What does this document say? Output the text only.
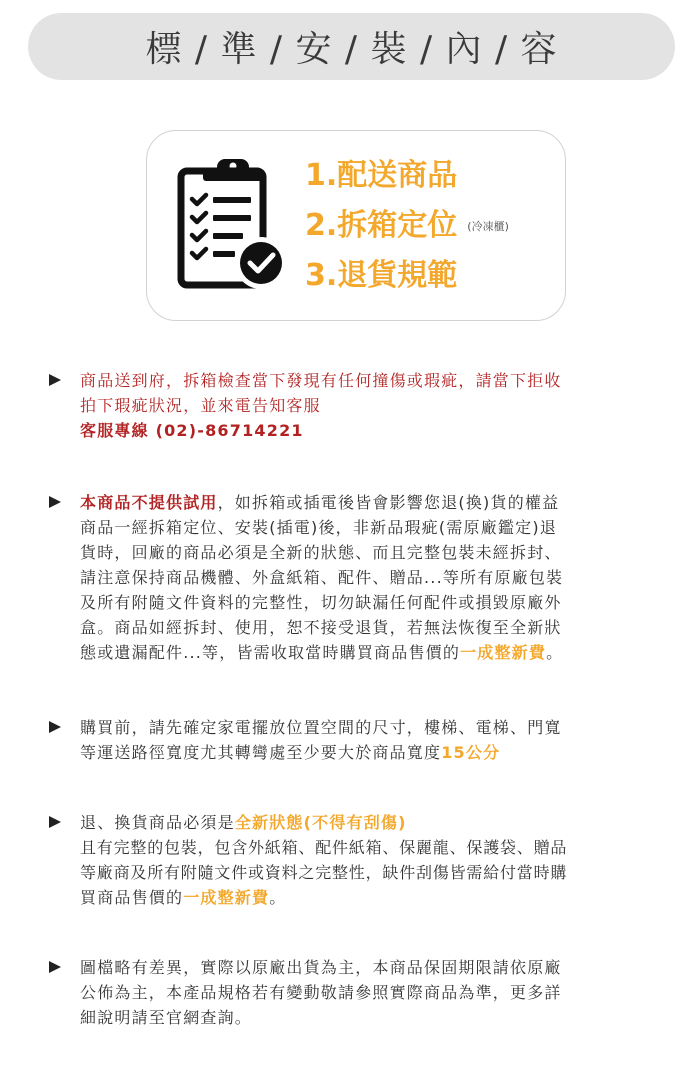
標 / 準 / 安 / 裝 / 內 / 容
1.配送商品
2.拆箱定位 (冷凍櫃)
3.退貨規範
商品送到府，拆箱檢查當下發現有任何撞傷或瑕疵，請當下拒收
拍下瑕疵狀況，並來電告知客服
客服專線 (02)-86714221
本商品不提供試用，如拆箱或插電後皆會影響您退(換)貨的權益
商品一經拆箱定位、安裝(插電)後，非新品瑕疵(需原廠鑑定)退
貨時，回廠的商品必須是全新的狀態、而且完整包裝未經拆封、
請注意保持商品機體、外盒紙箱、配件、贈品...等所有原廠包裝
及所有附隨文件資料的完整性，切勿缺漏任何配件或損毀原廠外
盒。商品如經拆封、使用，恕不接受退貨，若無法恢復至全新狀
態或遺漏配件...等，皆需收取當時購買商品售價的一成整新費。
購買前，請先確定家電擺放位置空間的尺寸，樓梯、電梯、門寬
等運送路徑寬度尤其轉彎處至少要大於商品寬度15公分
退、換貨商品必須是全新狀態(不得有刮傷)
且有完整的包裝，包含外紙箱、配件紙箱、保麗龍、保護袋、贈品
等廠商及所有附隨文件或資料之完整性，缺件刮傷皆需給付當時購
買商品售價的一成整新費。
圖檔略有差異，實際以原廠出貨為主，本商品保固期限請依原廠
公佈為主，本產品規格若有變動敬請參照實際商品為準，更多詳
細說明請至官網查詢。
